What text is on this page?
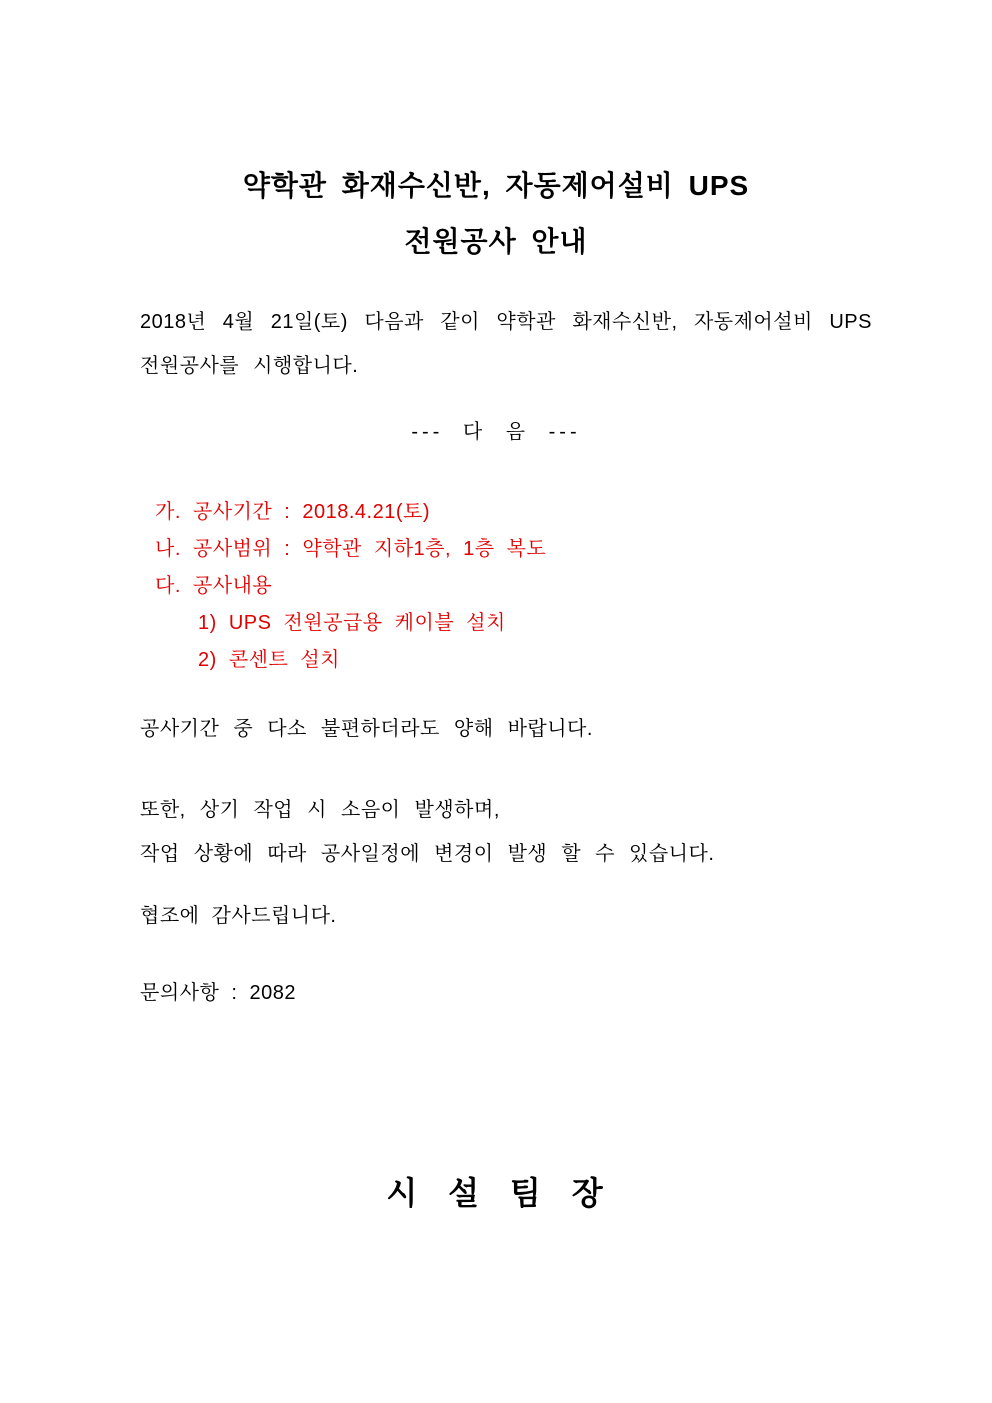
약학관 화재수신반, 자동제어설비 UPS
전원공사 안내

2018년 4월 21일(토) 다음과 같이 약학관 화재수신반, 자동제어설비 UPS 전원공사를 시행합니다.

--- 다 음 ---
가. 공사기간 : 2018.4.21(토)
나. 공사범위 : 약학관 지하1층, 1층 복도
다. 공사내용
1) UPS 전원공급용 케이블 설치
2) 콘센트 설치

공사기간 중 다소 불편하더라도 양해 바랍니다.

또한, 상기 작업 시 소음이 발생하며,
작업 상황에 따라 공사일정에 변경이 발생 할 수 있습니다.

협조에 감사드립니다.

문의사항 : 2082

시 설 팀 장
